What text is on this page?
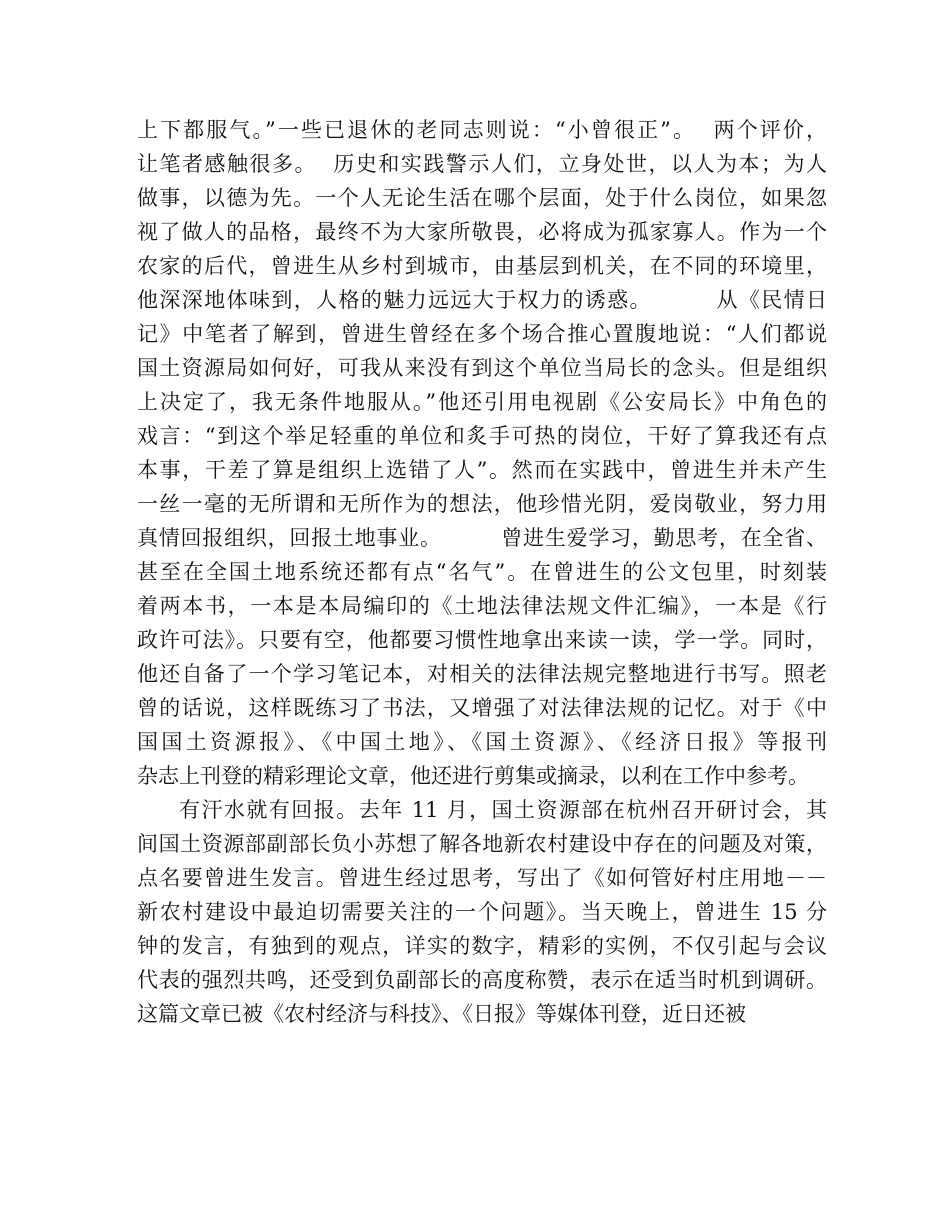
上下都服气。”一些已退休的老同志则说：“小曾很正”。  两个评价，
让笔者感触很多。  历史和实践警示人们，立身处世，以人为本；为人
做事，以德为先。一个人无论生活在哪个层面，处于什么岗位，如果忽
视了做人的品格，最终不为大家所敬畏，必将成为孤家寡人。作为一个
农家的后代，曾进生从乡村到城市，由基层到机关，在不同的环境里，
他深深地体味到，人格的魅力远远大于权力的诱惑。        从《民情日
记》中笔者了解到，曾进生曾经在多个场合推心置腹地说：“人们都说
国土资源局如何好，可我从来没有到这个单位当局长的念头。但是组织
上决定了，我无条件地服从。”他还引用电视剧《公安局长》中角色的
戏言：“到这个举足轻重的单位和炙手可热的岗位，干好了算我还有点
本事，干差了算是组织上选错了人”。然而在实践中，曾进生并未产生
一丝一毫的无所谓和无所作为的想法，他珍惜光阴，爱岗敬业，努力用
真情回报组织，回报土地事业。        曾进生爱学习，勤思考，在全省、
甚至在全国土地系统还都有点“名气”。在曾进生的公文包里，时刻装
着两本书，一本是本局编印的《土地法律法规文件汇编》，一本是《行
政许可法》。只要有空，他都要习惯性地拿出来读一读，学一学。同时，
他还自备了一个学习笔记本，对相关的法律法规完整地进行书写。照老
曾的话说，这样既练习了书法，又增强了对法律法规的记忆。对于《中
国国土资源报》、《中国土地》、《国土资源》、《经济日报》等报刊
杂志上刊登的精彩理论文章，他还进行剪集或摘录，以利在工作中参考。
有汗水就有回报。去年 11 月，国土资源部在杭州召开研讨会，其
间国土资源部副部长负小苏想了解各地新农村建设中存在的问题及对策，
点名要曾进生发言。曾进生经过思考，写出了《如何管好村庄用地－－
新农村建设中最迫切需要关注的一个问题》。当天晚上，曾进生 15 分
钟的发言，有独到的观点，详实的数字，精彩的实例，不仅引起与会议
代表的强烈共鸣，还受到负副部长的高度称赞，表示在适当时机到调研。
这篇文章已被《农村经济与科技》、《日报》等媒体刊登，近日还被
